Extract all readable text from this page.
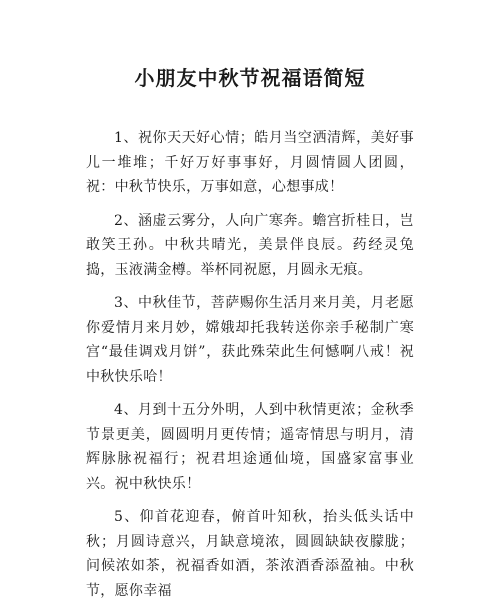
小朋友中秋节祝福语简短

1、祝你天天好心情；皓月当空洒清辉，美好事儿一堆堆；千好万好事事好，月圆情圆人团圆，祝：中秋节快乐，万事如意，心想事成！

2、涵虚云雾分，人向广寒奔。蟾宫折桂日，岂敢笑王孙。中秋共晴光，美景伴良辰。药经灵兔捣，玉液满金樽。举杯同祝愿，月圆永无痕。

3、中秋佳节，菩萨赐你生活月来月美，月老愿你爱情月来月妙，嫦娥却托我转送你亲手秘制广寒宫“最佳调戏月饼”，获此殊荣此生何憾啊八戒！祝中秋快乐哈！

4、月到十五分外明，人到中秋情更浓；金秋季节景更美，圆圆明月更传情；遥寄情思与明月，清辉脉脉祝福行；祝君坦途通仙境，国盛家富事业兴。祝中秋快乐！

5、仰首花迎春，俯首叶知秋，抬头低头话中秋；月圆诗意兴，月缺意境浓，圆圆缺缺夜朦胧；问候浓如茶，祝福香如酒，茶浓酒香添盈袖。中秋节，愿你幸福
